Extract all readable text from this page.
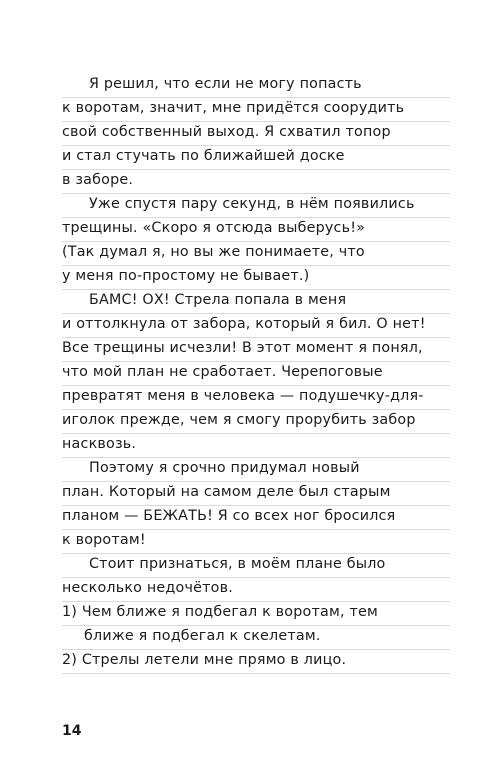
Я решил, что если не могу попасть
к воротам, значит, мне придётся соорудить
свой собственный выход. Я схватил топор
и стал стучать по ближайшей доске
в заборе.
Уже спустя пару секунд, в нём появились
трещины. «Скоро я отсюда выберусь!»
(Так думал я, но вы же понимаете, что
у меня по-простому не бывает.)
БАМС! ОХ! Стрела попала в меня
и оттолкнула от забора, который я бил. О нет!
Все трещины исчезли! В этот момент я понял,
что мой план не сработает. Черепоговые
превратят меня в человека — подушечку-для-
иголок прежде, чем я смогу прорубить забор
насквозь.
Поэтому я срочно придумал новый
план. Который на самом деле был старым
планом — БЕЖАТЬ! Я со всех ног бросился
к воротам!
Стоит признаться, в моём плане было
несколько недочётов.
1) Чем ближе я подбегал к воротам, тем
ближе я подбегал к скелетам.
2) Стрелы летели мне прямо в лицо.
14
